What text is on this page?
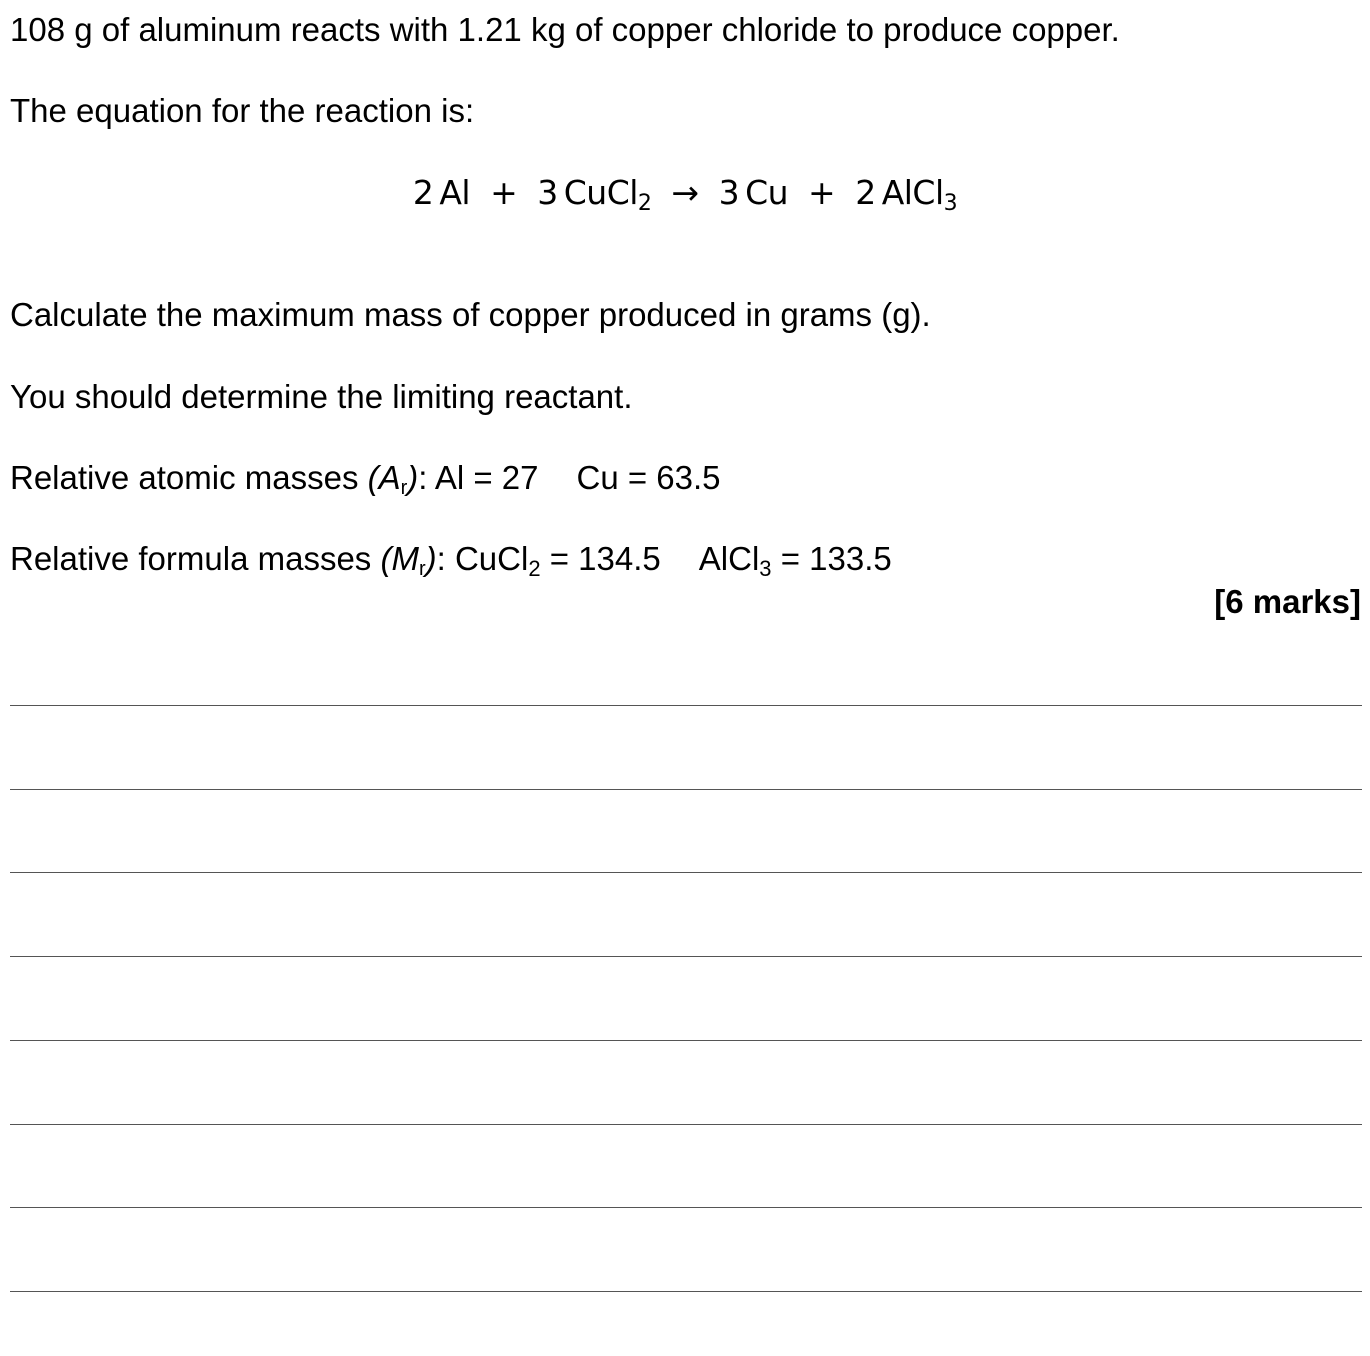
108 g of aluminum reacts with 1.21 kg of copper chloride to produce copper.
The equation for the reaction is:
2 Al + 3 CuCl$_2$ → 3 Cu + 2 AlCl$_3$
Calculate the maximum mass of copper produced in grams (g).
You should determine the limiting reactant.
Relative atomic masses $(A_r)$: Al = 27 Cu = 63.5
Relative formula masses $(M_r)$: CuCl$_2$ = 134.5 AlCl$_3$ = 133.5
[6 marks]
